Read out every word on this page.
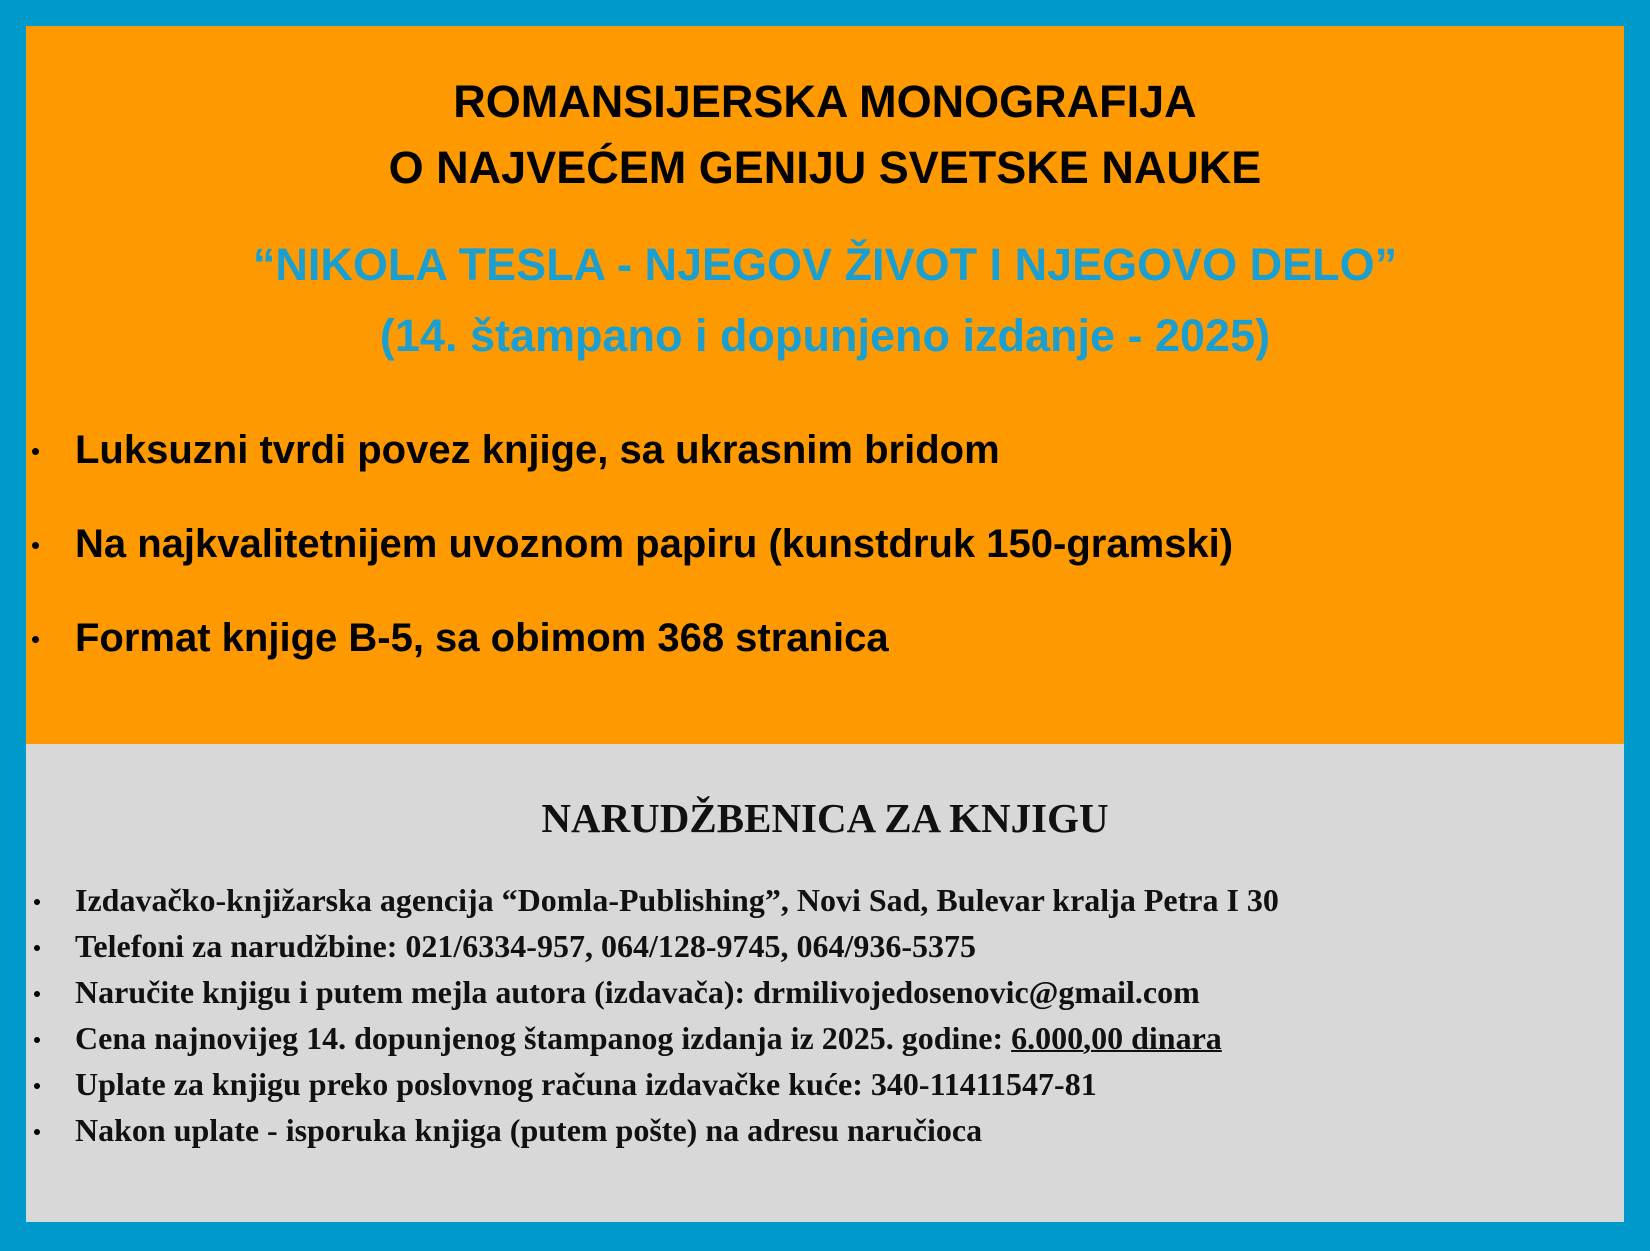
ROMANSIJERSKA MONOGRAFIJA
O NAJVEĆEM GENIJU SVETSKE NAUKE
“NIKOLA TESLA - NJEGOV ŽIVOT I NJEGOVO DELO”
(14. štampano i dopunjeno izdanje - 2025)
Luksuzni tvrdi povez knjige, sa ukrasnim bridom
Na najkvalitetnijem uvoznom papiru (kunstdruk 150-gramski)
Format knjige B-5, sa obimom 368 stranica
NARUDŽBENICA ZA KNJIGU
Izdavačko-knjižarska agencija “Domla-Publishing”, Novi Sad, Bulevar kralja Petra I 30
Telefoni za narudžbine: 021/6334-957, 064/128-9745, 064/936-5375
Naručite knjigu i putem mejla autora (izdavača): drmilivojedosenovic@gmail.com
Cena najnovijeg 14. dopunjenog štampanog izdanja iz 2025. godine: 6.000,00 dinara
Uplate za knjigu preko poslovnog računa izdavačke kuće: 340-11411547-81
Nakon uplate - isporuka knjiga (putem pošte) na adresu naručioca
